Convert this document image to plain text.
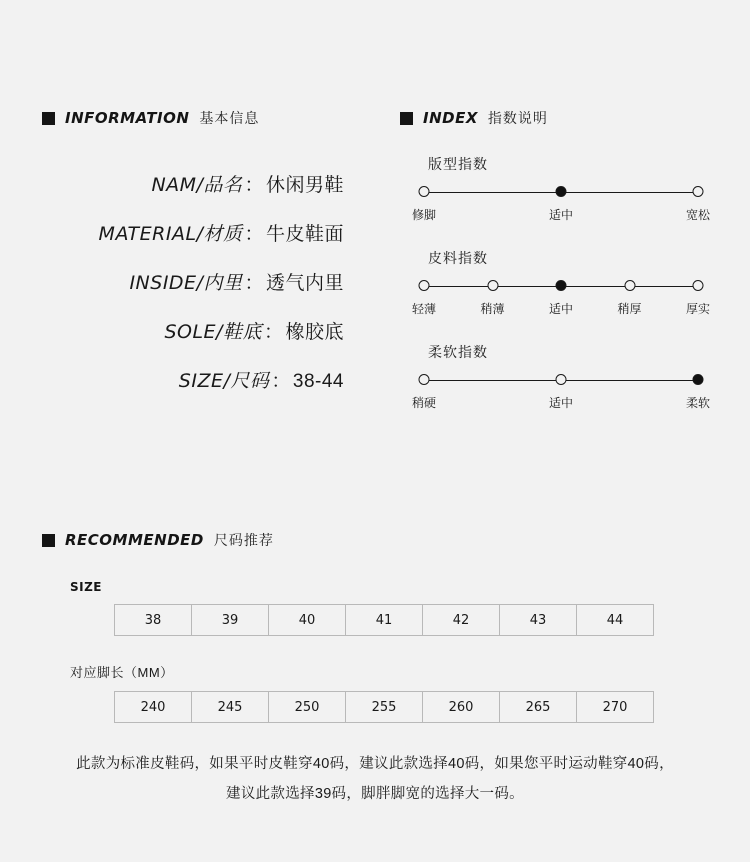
INFORMATION 基本信息
NAM/品名 ： 休闲男鞋
MATERIAL/材质 ： 牛皮鞋面
INSIDE/内里 ： 透气内里
SOLE/鞋底 ： 橡胶底
SIZE/尺码 ： 38-44
INDEX 指数说明
版型指数
修脚	适中	宽松
皮料指数
轻薄	稍薄	适中	稍厚	厚实
柔软指数
稍硬	适中	柔软
RECOMMENDED 尺码推荐
SIZE
38	39	40	41	42	43	44
对应脚长（MM）
240	245	250	255	260	265	270
此款为标准皮鞋码，如果平时皮鞋穿40码，建议此款选择40码，如果您平时运动鞋穿40码，建议此款选择39码，脚胖脚宽的选择大一码。
